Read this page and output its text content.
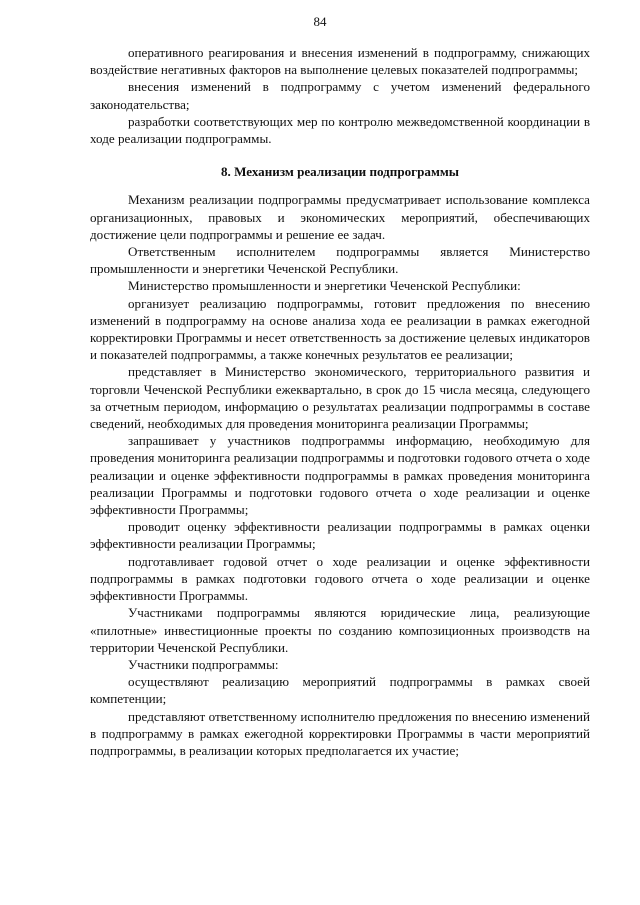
84

оперативного реагирования и внесения изменений в подпрограмму, снижающих воздействие негативных факторов на выполнение целевых показателей подпрограммы;

внесения изменений в подпрограмму с учетом изменений федерального законодательства;

разработки соответствующих мер по контролю межведомственной координации в ходе реализации подпрограммы.

8. Механизм реализации подпрограммы

Механизм реализации подпрограммы предусматривает использование комплекса организационных, правовых и экономических мероприятий, обеспечивающих достижение цели подпрограммы и решение ее задач.

Ответственным исполнителем подпрограммы является Министерство промышленности и энергетики Чеченской Республики.

Министерство промышленности и энергетики Чеченской Республики:

организует реализацию подпрограммы, готовит предложения по внесению изменений в подпрограмму на основе анализа хода ее реализации в рамках ежегодной корректировки Программы и несет ответственность за достижение целевых индикаторов и показателей подпрограммы, а также конечных результатов ее реализации;

представляет в Министерство экономического, территориального развития и торговли Чеченской Республики ежеквартально, в срок до 15 числа месяца, следующего за отчетным периодом, информацию о результатах реализации подпрограммы в составе сведений, необходимых для проведения мониторинга реализации Программы;

запрашивает у участников подпрограммы информацию, необходимую для проведения мониторинга реализации подпрограммы и подготовки годового отчета о ходе реализации и оценке эффективности подпрограммы в рамках проведения мониторинга реализации Программы и подготовки годового отчета о ходе реализации и оценке эффективности Программы;

проводит оценку эффективности реализации подпрограммы в рамках оценки эффективности реализации Программы;

подготавливает годовой отчет о ходе реализации и оценке эффективности подпрограммы в рамках подготовки годового отчета о ходе реализации и оценке эффективности Программы.

Участниками подпрограммы являются юридические лица, реализующие «пилотные» инвестиционные проекты по созданию композиционных производств на территории Чеченской Республики.

Участники подпрограммы:

осуществляют реализацию мероприятий подпрограммы в рамках своей компетенции;

представляют ответственному исполнителю предложения по внесению изменений в подпрограмму в рамках ежегодной корректировки Программы в части мероприятий подпрограммы, в реализации которых предполагается их участие;
